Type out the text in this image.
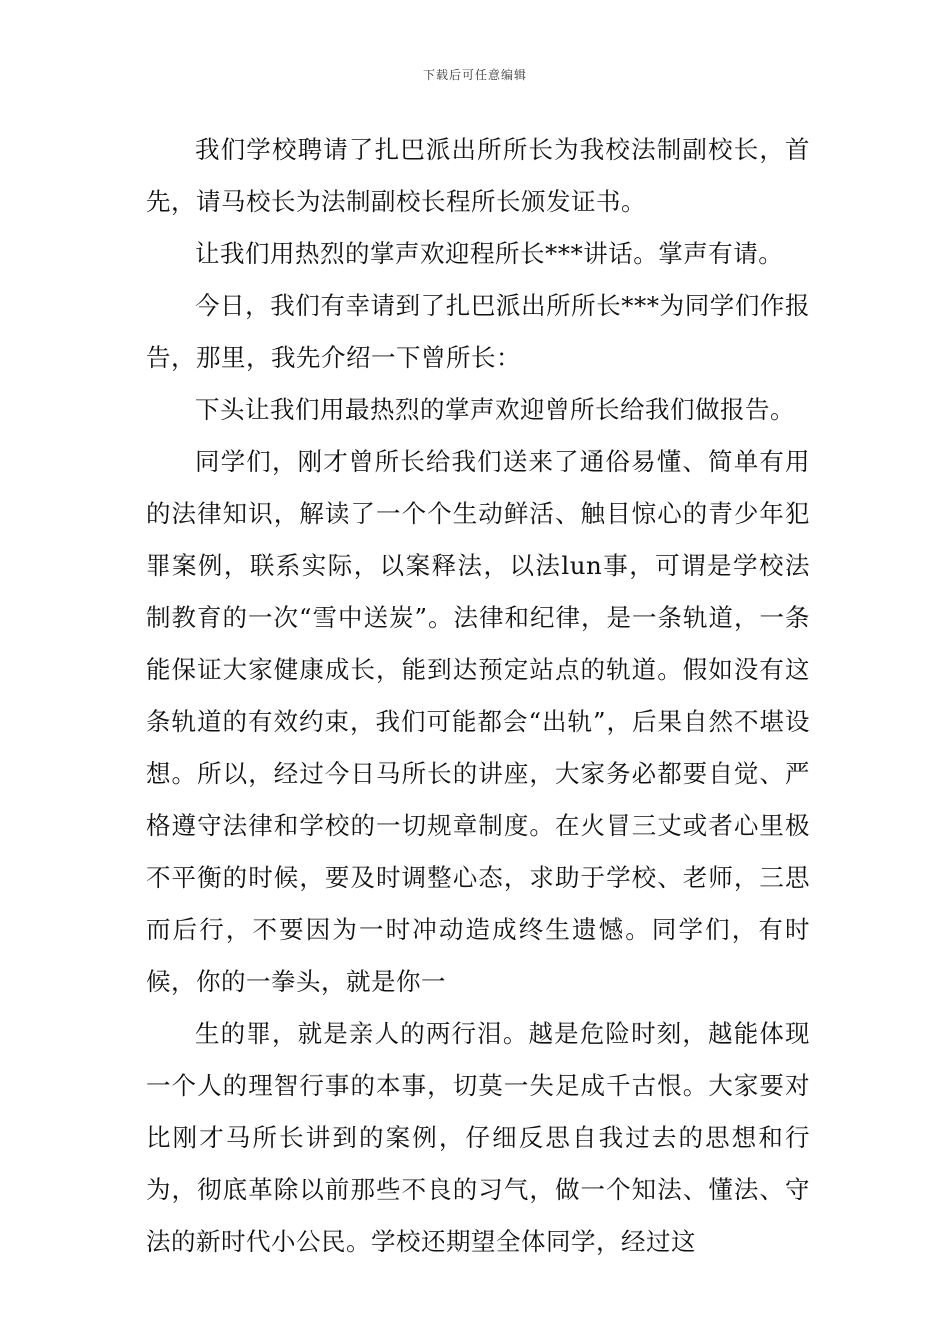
下载后可任意编辑

我们学校聘请了扎巴派出所所长为我校法制副校长，首先，请马校长为法制副校长程所长颁发证书。

让我们用热烈的掌声欢迎程所长***讲话。掌声有请。

今日，我们有幸请到了扎巴派出所所长***为同学们作报告，那里，我先介绍一下曾所长：

下头让我们用最热烈的掌声欢迎曾所长给我们做报告。

同学们，刚才曾所长给我们送来了通俗易懂、简单有用的法律知识，解读了一个个生动鲜活、触目惊心的青少年犯罪案例，联系实际，以案释法，以法lun事，可谓是学校法制教育的一次“雪中送炭”。法律和纪律，是一条轨道，一条能保证大家健康成长，能到达预定站点的轨道。假如没有这条轨道的有效约束，我们可能都会“出轨”，后果自然不堪设想。所以，经过今日马所长的讲座，大家务必都要自觉、严格遵守法律和学校的一切规章制度。在火冒三丈或者心里极不平衡的时候，要及时调整心态，求助于学校、老师，三思而后行，不要因为一时冲动造成终生遗憾。同学们，有时候，你的一拳头，就是你一

生的罪，就是亲人的两行泪。越是危险时刻，越能体现一个人的理智行事的本事，切莫一失足成千古恨。大家要对比刚才马所长讲到的案例，仔细反思自我过去的思想和行为，彻底革除以前那些不良的习气，做一个知法、懂法、守法的新时代小公民。学校还期望全体同学，经过这
